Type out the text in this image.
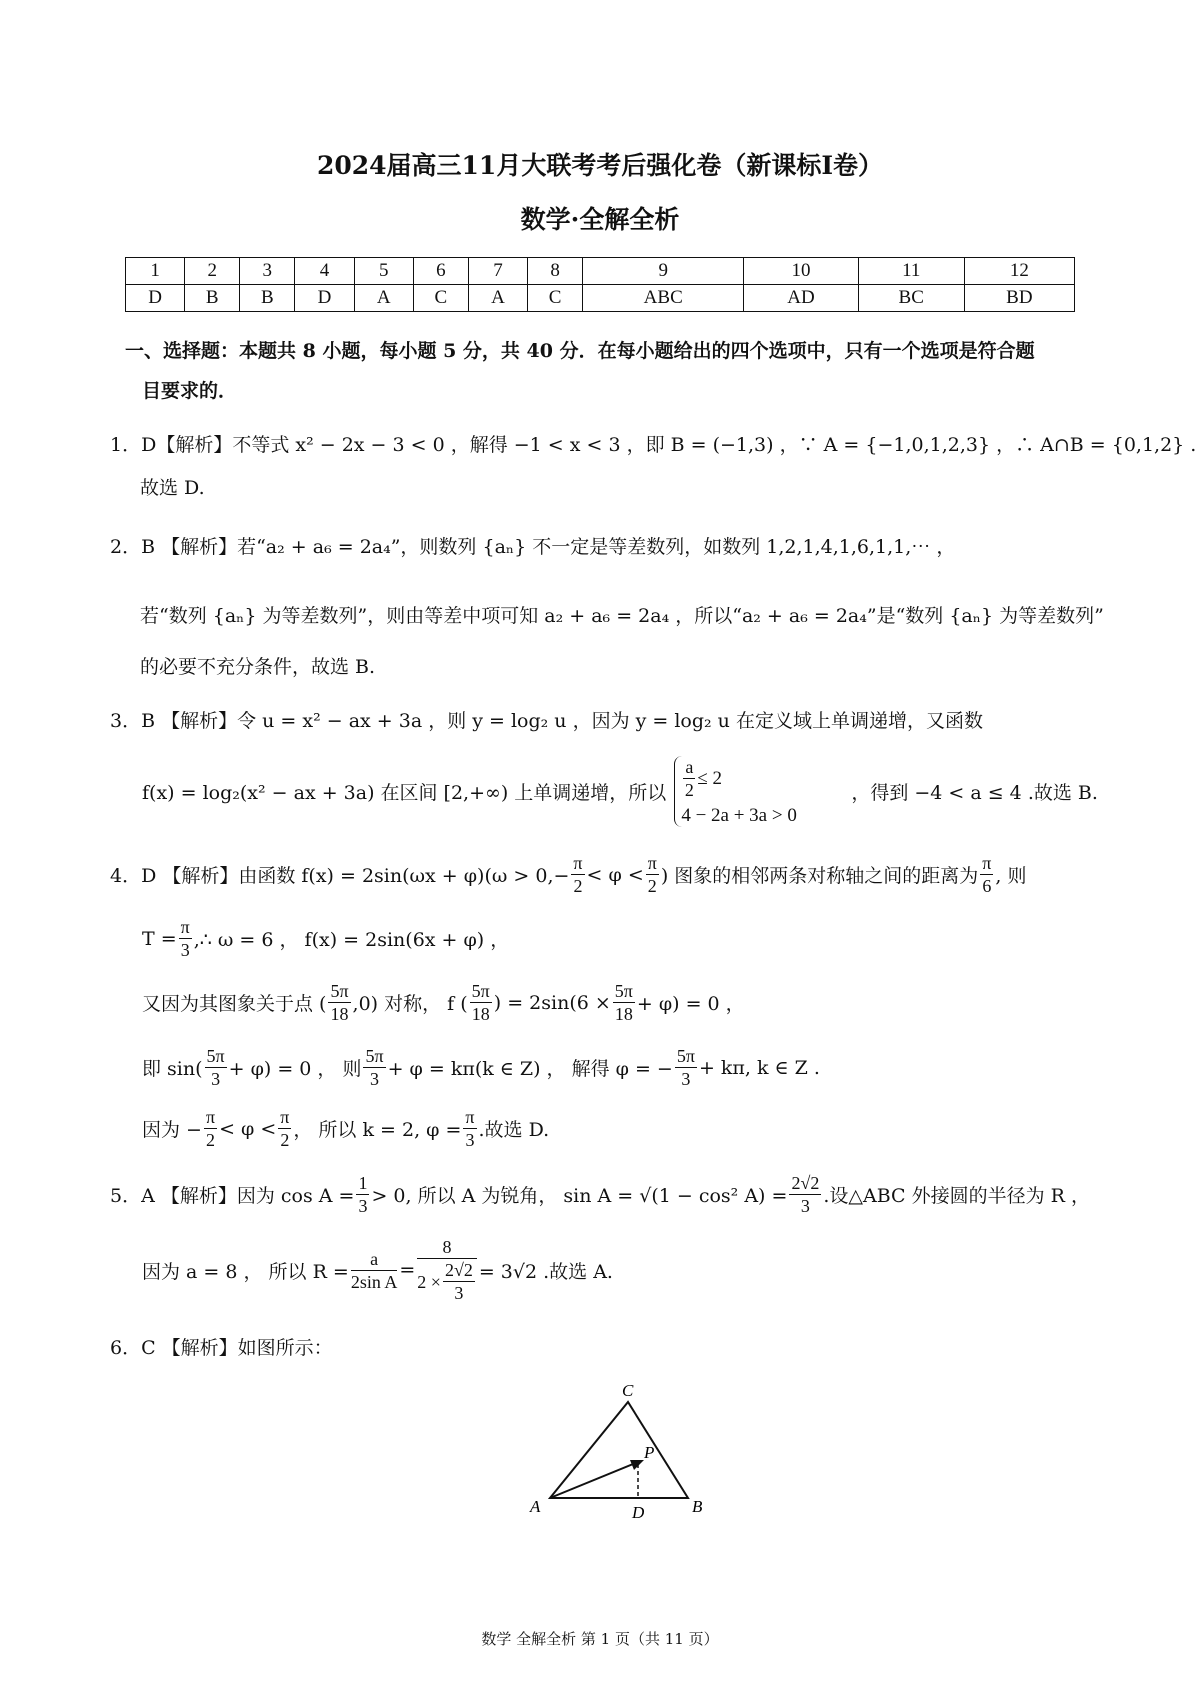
2024届高三11月大联考考后强化卷（新课标I卷）
数学·全解全析
1	2	3	4	5	6	7	8	9	10	11	12
D	B	B	D	A	C	A	C	ABC	AD	BC	BD
一、选择题：本题共 8 小题，每小题 5 分，共 40 分．在每小题给出的四个选项中，只有一个选项是符合题
目要求的．
1．D【解析】不等式 x² − 2x − 3 < 0 ，解得 −1 < x < 3 ，即 B = (−1,3) ，∵ A = {−1,0,1,2,3} ，∴ A∩B = {0,1,2} .
故选 D.
2．B 【解析】若“a₂ + a₆ = 2a₄”，则数列 {aₙ} 不一定是等差数列，如数列 1,2,1,4,1,6,1,1,⋯ ，
若“数列 {aₙ} 为等差数列”，则由等差中项可知 a₂ + a₆ = 2a₄ ，所以“a₂ + a₆ = 2a₄”是“数列 {aₙ} 为等差数列”
的必要不充分条件，故选 B.
3．B 【解析】令 u = x² − ax + 3a ，则 y = log₂ u ，因为 y = log₂ u 在定义域上单调递增，又函数
f(x) = log₂(x² − ax + 3a) 在区间 [2,+∞) 上单调递增，所以 $\frac{a}{2} \le 2$
4 − 2a + 3a > 0
，得到 −4 < a ≤ 4 .故选 B.
4．D 【解析】由函数 $f(x) = 2\sin(\omega x + \varphi)(\omega > 0,- \frac{\pi}{2} < \varphi < \frac{\pi}{2}$ ) 图象的相邻两条对称轴之间的距离为 $\frac{\pi}{6}$ , 则
$T = \frac{\pi}{3}$ ,∴ ω = 6 ， f(x) = 2sin(6x + φ) ，
又因为其图象关于点 ( $\frac{5\pi}{18} ,0$) 对称， f ( $\frac{5\pi}{18}$ ) = $2\sin(6 \times \frac{5\pi}{18} + \varphi) = 0$ ，
即 $\sin( \frac{5\pi}{3} + \varphi) = 0$ ， 则 $\frac{5\pi}{3} + \varphi = k\pi(k$ ∈ Z) ， 解得 φ = − $\frac{5\pi}{3} + k\pi$, k ∈ Z .
因为 − $\frac{\pi}{2} < \varphi < \frac{\pi}{2}$ ， 所以 k = 2, $\varphi = \frac{\pi}{3}$ .故选 D.
5．A 【解析】因为 $\cos A = \frac{1}{3} > 0$, 所以 A 为锐角， sin A = √(1 − cos² $A) = \frac{2√2}{3}$ .设△ABC 外接圆的半径为 R ，
因为 a = 8 ， 所以 $R = \frac{a}{\text{2sin A}} = \frac{8}{2 \times \frac{2√2}{3}} = 3√2$ .故选 A.
6．C 【解析】如图所示：
C
P
A	D	B
数学 全解全析 第 1 页（共 11 页）
